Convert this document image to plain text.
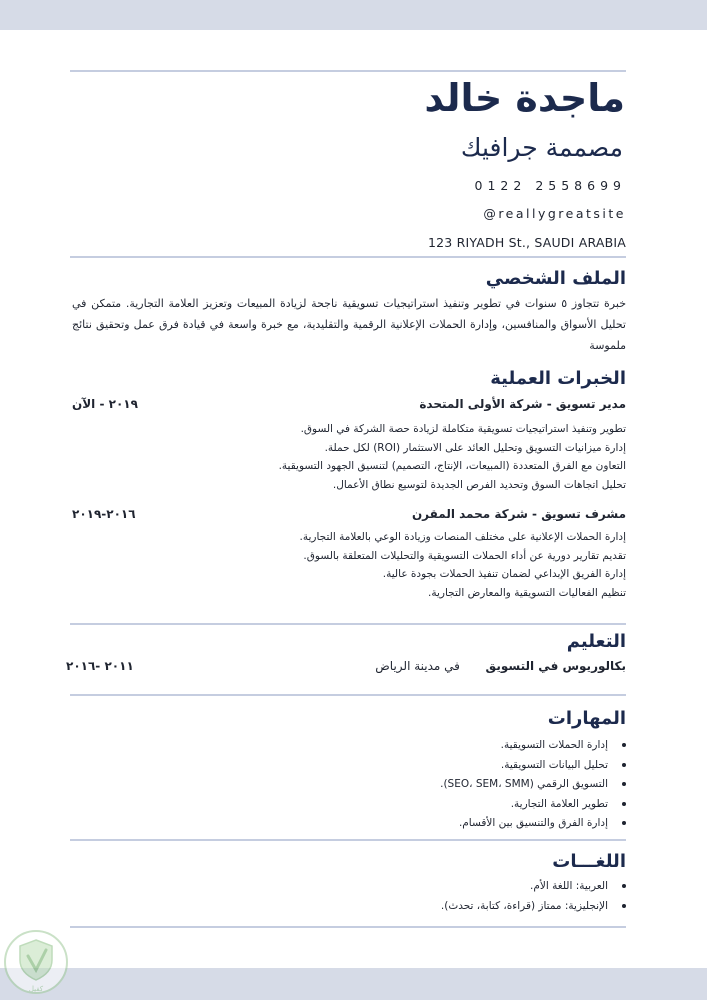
ماجدة خالد
مصممة جرافيك
0122 2558699
@reallygreatsite
123 RIYADH St., SAUDI ARABIA
الملف الشخصي
خبرة تتجاوز ٥ سنوات في تطوير وتنفيذ استراتيجيات تسويقية ناجحة لزيادة المبيعات وتعزيز العلامة التجارية. متمكن في تحليل الأسواق والمنافسين، وإدارة الحملات الإعلانية الرقمية والتقليدية، مع خبرة واسعة في قيادة فرق عمل وتحقيق نتائج ملموسة
الخبرات العملية
مدير تسويق - شركة الأولى المتحدة
٢٠١٩ - الآن
تطوير وتنفيذ استراتيجيات تسويقية متكاملة لزيادة حصة الشركة في السوق.
إدارة ميزانيات التسويق وتحليل العائد على الاستثمار (ROI) لكل حملة.
التعاون مع الفرق المتعددة (المبيعات، الإنتاج، التصميم) لتنسيق الجهود التسويقية.
تحليل اتجاهات السوق وتحديد الفرص الجديدة لتوسيع نطاق الأعمال.
مشرف تسويق - شركة محمد المقرن
٢٠١٦-٢٠١٩
إدارة الحملات الإعلانية على مختلف المنصات وزيادة الوعي بالعلامة التجارية.
تقديم تقارير دورية عن أداء الحملات التسويقية والتحليلات المتعلقة بالسوق.
إدارة الفريق الإبداعي لضمان تنفيذ الحملات بجودة عالية.
تنظيم الفعاليات التسويقية والمعارض التجارية.
التعليم
بكالوريوس في التسويق  في مدينة الرياض
٢٠١١ -٢٠١٦
المهارات
إدارة الحملات التسويقية.
تحليل البيانات التسويقية.
التسويق الرقمي (SEO، SEM، SMM).
تطوير العلامة التجارية.
إدارة الفرق والتنسيق بين الأقسام.
اللغـــات
العربية: اللغة الأم.
الإنجليزية: ممتاز (قراءة، كتابة، تحدث).
كفيل
